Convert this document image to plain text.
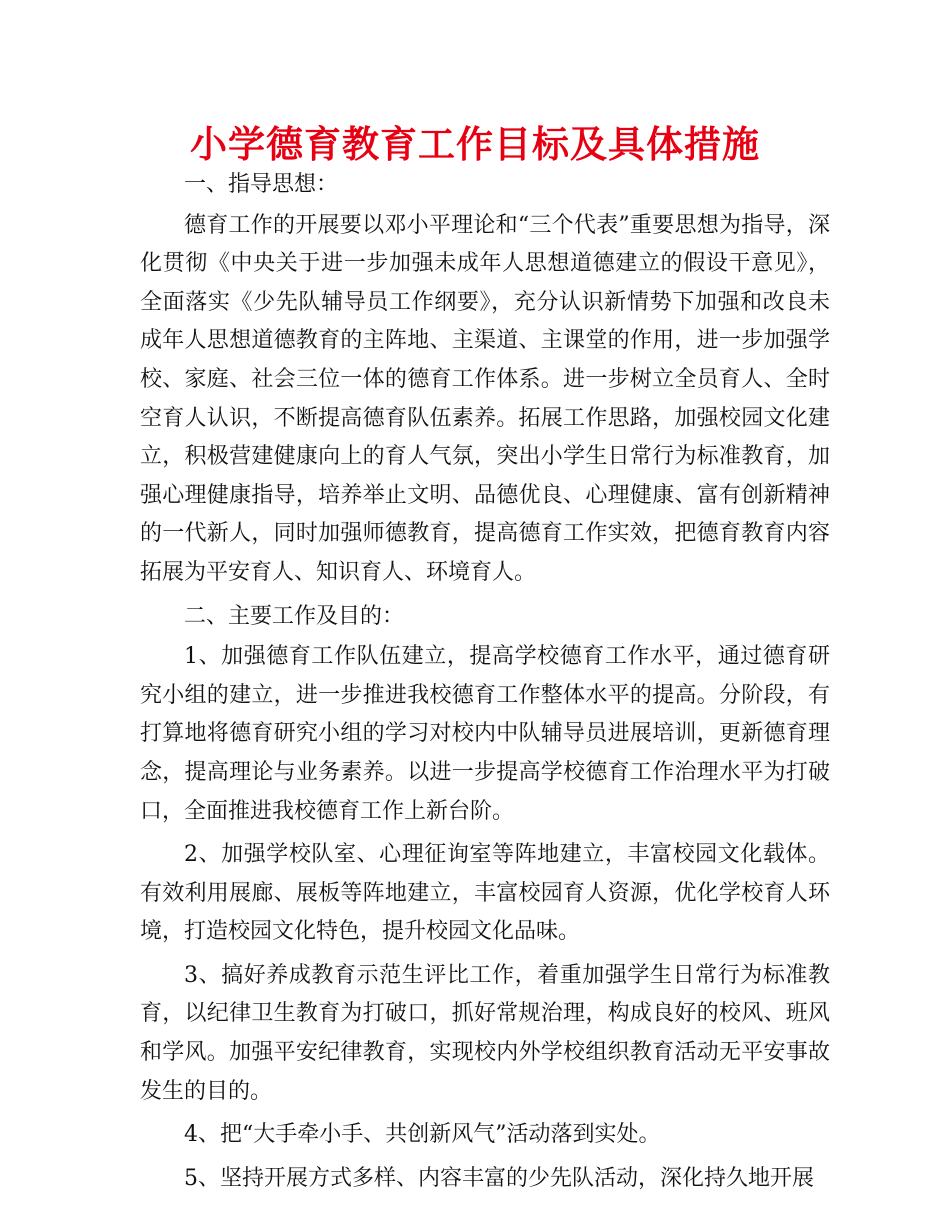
小学德育教育工作目标及具体措施

一、指导思想：

德育工作的开展要以邓小平理论和“三个代表”重要思想为指导，深化贯彻《中央关于进一步加强未成年人思想道德建立的假设干意见》，全面落实《少先队辅导员工作纲要》，充分认识新情势下加强和改良未成年人思想道德教育的主阵地、主渠道、主课堂的作用，进一步加强学校、家庭、社会三位一体的德育工作体系。进一步树立全员育人、全时空育人认识，不断提高德育队伍素养。拓展工作思路，加强校园文化建立，积极营建健康向上的育人气氛，突出小学生日常行为标准教育，加强心理健康指导，培养举止文明、品德优良、心理健康、富有创新精神的一代新人，同时加强师德教育，提高德育工作实效，把德育教育内容拓展为平安育人、知识育人、环境育人。

二、主要工作及目的：

1、加强德育工作队伍建立，提高学校德育工作水平，通过德育研究小组的建立，进一步推进我校德育工作整体水平的提高。分阶段，有打算地将德育研究小组的学习对校内中队辅导员进展培训，更新德育理念，提高理论与业务素养。以进一步提高学校德育工作治理水平为打破口，全面推进我校德育工作上新台阶。

2、加强学校队室、心理征询室等阵地建立，丰富校园文化载体。有效利用展廊、展板等阵地建立，丰富校园育人资源，优化学校育人环境，打造校园文化特色，提升校园文化品味。

3、搞好养成教育示范生评比工作，着重加强学生日常行为标准教育，以纪律卫生教育为打破口，抓好常规治理，构成良好的校风、班风和学风。加强平安纪律教育，实现校内外学校组织教育活动无平安事故发生的目的。

4、把“大手牵小手、共创新风气”活动落到实处。

5、坚持开展方式多样、内容丰富的少先队活动，深化持久地开展
